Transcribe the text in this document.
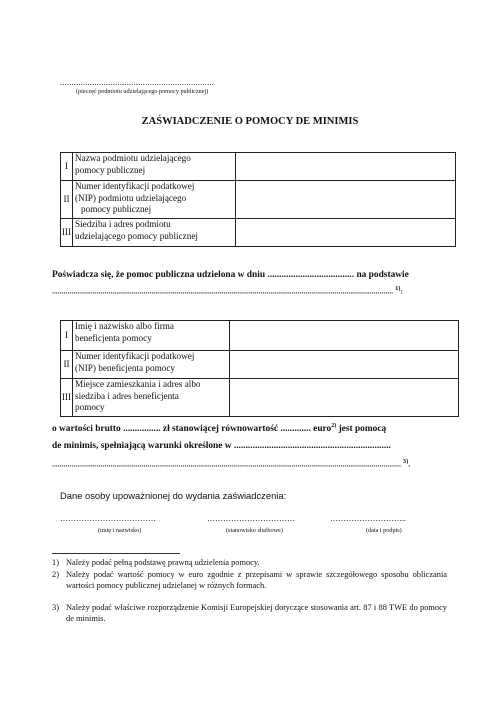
...................................................................
(pieczęć podmiotu udzielającego pomocy publicznej)
ZAŚWIADCZENIE O POMOCY DE MINIMIS
I	Nazwa podmiotu udzielającego
pomocy publicznej	

II	Numer identyfikacji podatkowej
(NIP) podmiotu udzielającego
pomocy publicznej	

III	Siedziba i adres podmiotu
udzielającego pomocy publicznej	

Poświadcza się, że pomoc publiczna udzielona w dniu ..................................... na podstawie
............................................................................................................................................................................... $^{1)}$:
I	Imię i nazwisko albo firma
beneficjenta pomocy	

II	Numer identyfikacji podatkowej
(NIP) beneficjenta pomocy	

III	Miejsce zamieszkania i adres albo
siedziba i adres beneficjenta
pomocy	

o wartości brutto ................ zł stanowiącej równowartość ............. euro$^{2)}$ jest pomocą
de minimis, spełniającą warunki określone w ...................................................................
................................................................................................................................................................................... $^{3)}$.
Dane osoby upoważnionej do wydania zaświadczenia:
………………………………	……………………………	………………………..
(imię i nazwisko)	(stanowisko służbowe)	(data i podpis)
1) Należy podać pełną podstawę prawną udzielenia pomocy.
2) Należy podać wartość pomocy w euro zgodnie z przepisami w sprawie szczegółowego sposobu obliczania wartości pomocy publicznej udzielanej w różnych formach.
3) Należy podać właściwe rozporządzenie Komisji Europejskiej dotyczące stosowania art. 87 i 88 TWE do pomocy de minimis.
